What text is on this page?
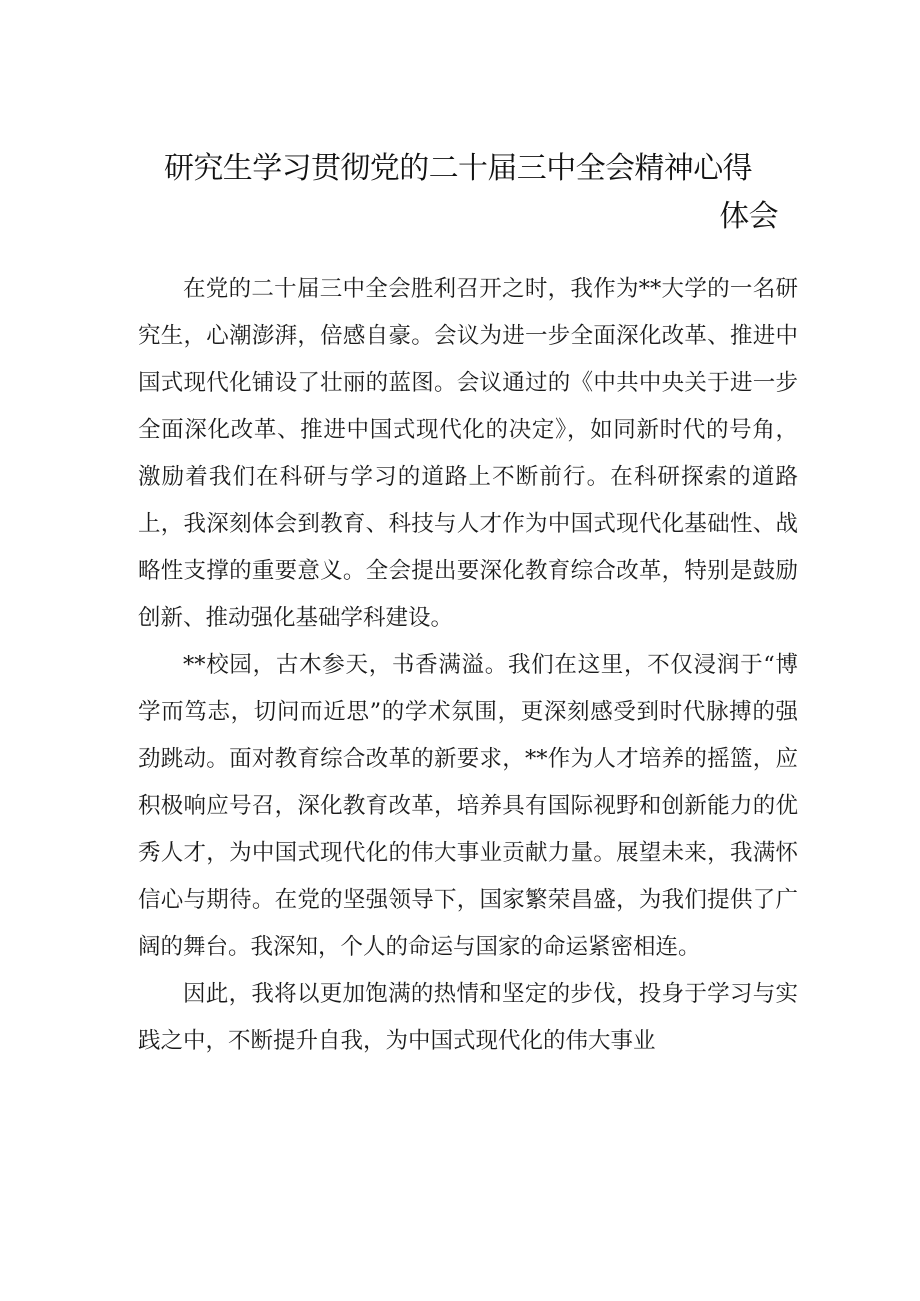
研究生学习贯彻党的二十届三中全会精神心得
体会

在党的二十届三中全会胜利召开之时，我作为**大学的一名研究生，心潮澎湃，倍感自豪。会议为进一步全面深化改革、推进中国式现代化铺设了壮丽的蓝图。会议通过的《中共中央关于进一步全面深化改革、推进中国式现代化的决定》，如同新时代的号角，激励着我们在科研与学习的道路上不断前行。在科研探索的道路上，我深刻体会到教育、科技与人才作为中国式现代化基础性、战略性支撑的重要意义。全会提出要深化教育综合改革，特别是鼓励创新、推动强化基础学科建设。

**校园，古木参天，书香满溢。我们在这里，不仅浸润于“博学而笃志，切问而近思”的学术氛围，更深刻感受到时代脉搏的强劲跳动。面对教育综合改革的新要求，**作为人才培养的摇篮，应积极响应号召，深化教育改革，培养具有国际视野和创新能力的优秀人才，为中国式现代化的伟大事业贡献力量。展望未来，我满怀信心与期待。在党的坚强领导下，国家繁荣昌盛，为我们提供了广阔的舞台。我深知，个人的命运与国家的命运紧密相连。

因此，我将以更加饱满的热情和坚定的步伐，投身于学习与实践之中，不断提升自我，为中国式现代化的伟大事业
